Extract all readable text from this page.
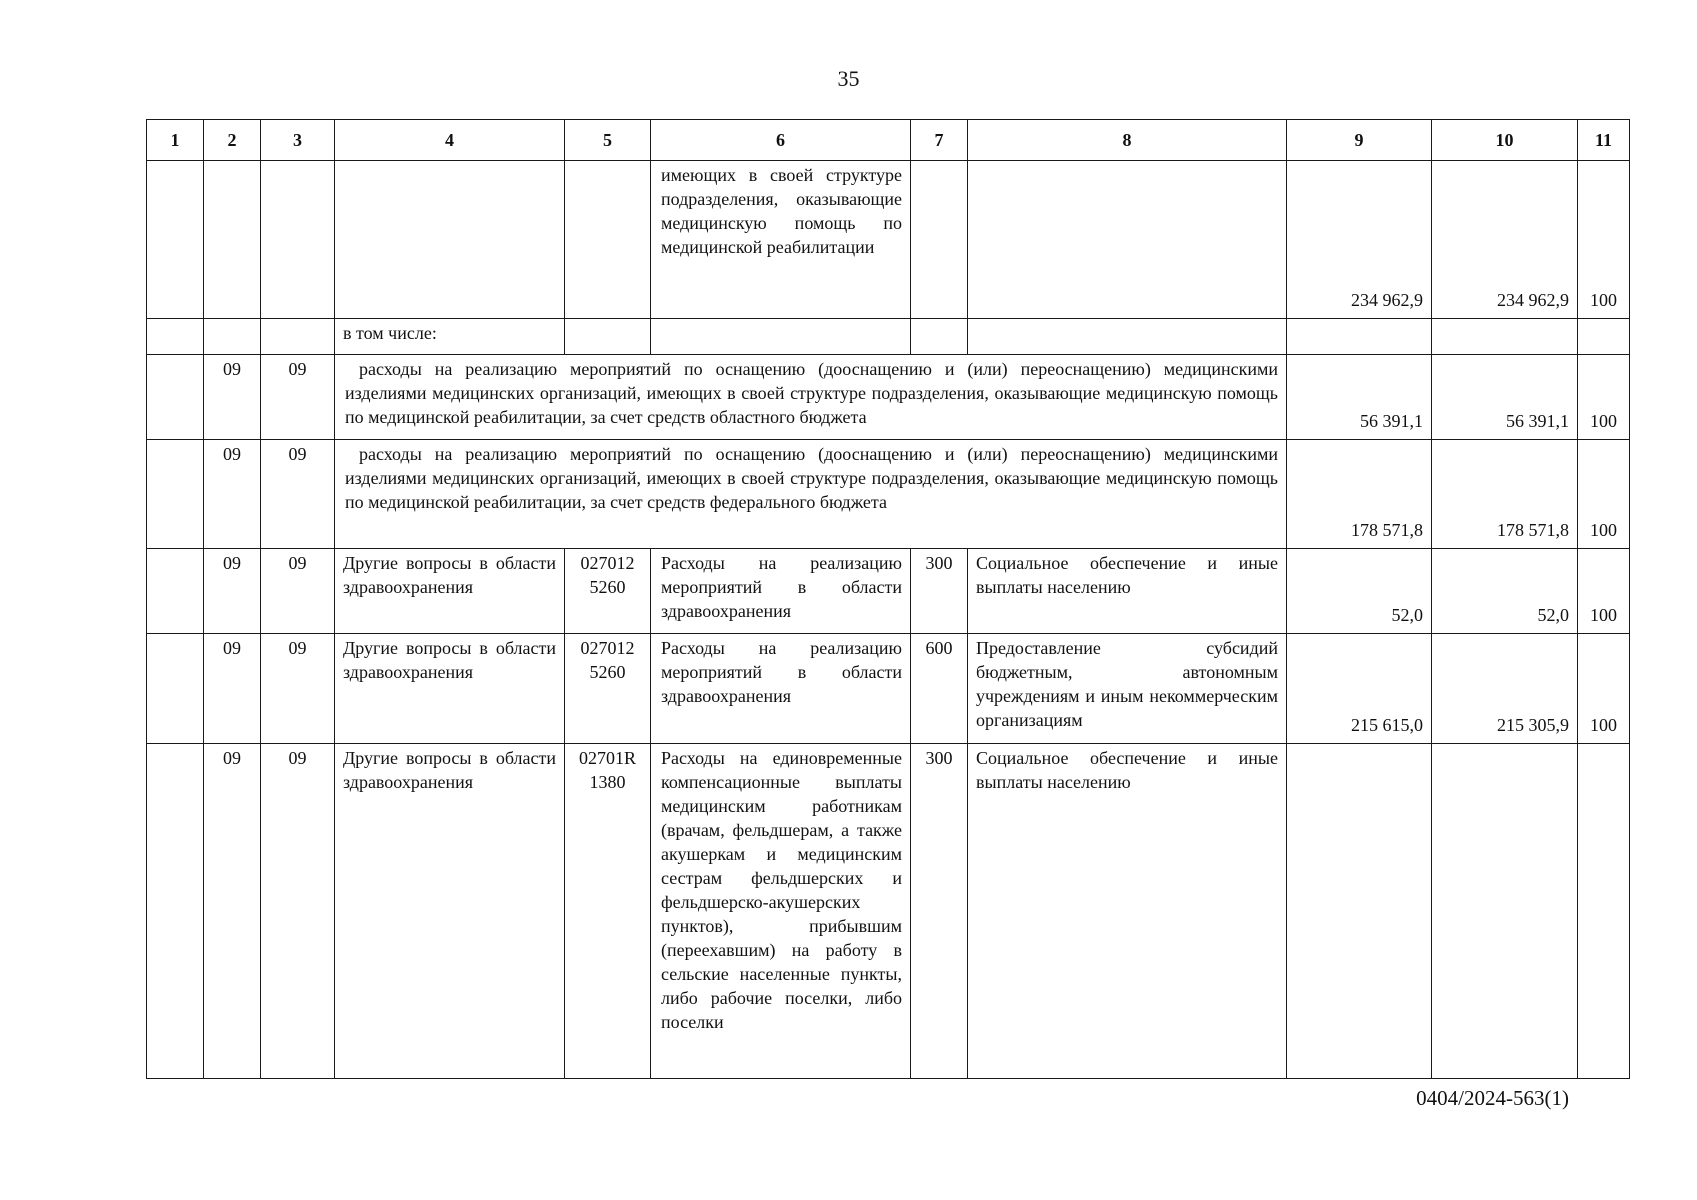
35
1	2	3	4	5	6	7	8	9	10	11
					имеющих в своей структуре подразделения, оказывающие медицинскую помощь по медицинской реабилитации			234 962,9	234 962,9	100
			в том числе:							
	09	09	расходы на реализацию мероприятий по оснащению (дооснащению и (или) переоснащению) медицинскими изделиями медицинских организаций, имеющих в своей структуре подразделения, оказывающие медицинскую помощь по медицинской реабилитации, за счет средств областного бюджета					56 391,1	56 391,1	100
	09	09	расходы на реализацию мероприятий по оснащению (дооснащению и (или) переоснащению) медицинскими изделиями медицинских организаций, имеющих в своей структуре подразделения, оказывающие медицинскую помощь по медицинской реабилитации, за счет средств федерального бюджета					178 571,8	178 571,8	100
	09	09	Другие вопросы в области здравоохранения	027012 5260	Расходы на реализацию мероприятий в области здравоохранения	300	Социальное обеспечение и иные выплаты населению	52,0	52,0	100
	09	09	Другие вопросы в области здравоохранения	027012 5260	Расходы на реализацию мероприятий в области здравоохранения	600	Предоставление субсидий бюджетным, автономным учреждениям и иным некоммерческим организациям	215 615,0	215 305,9	100
	09	09	Другие вопросы в области здравоохранения	02701R 1380	Расходы на единовременные компенсационные выплаты медицинским работникам (врачам, фельдшерам, а также акушеркам и медицинским сестрам фельдшерских и фельдшерско-акушерских пунктов), прибывшим (переехавшим) на работу в сельские населенные пункты, либо рабочие поселки, либо поселки	300	Социальное обеспечение и иные выплаты населению			
0404/2024-563(1)
